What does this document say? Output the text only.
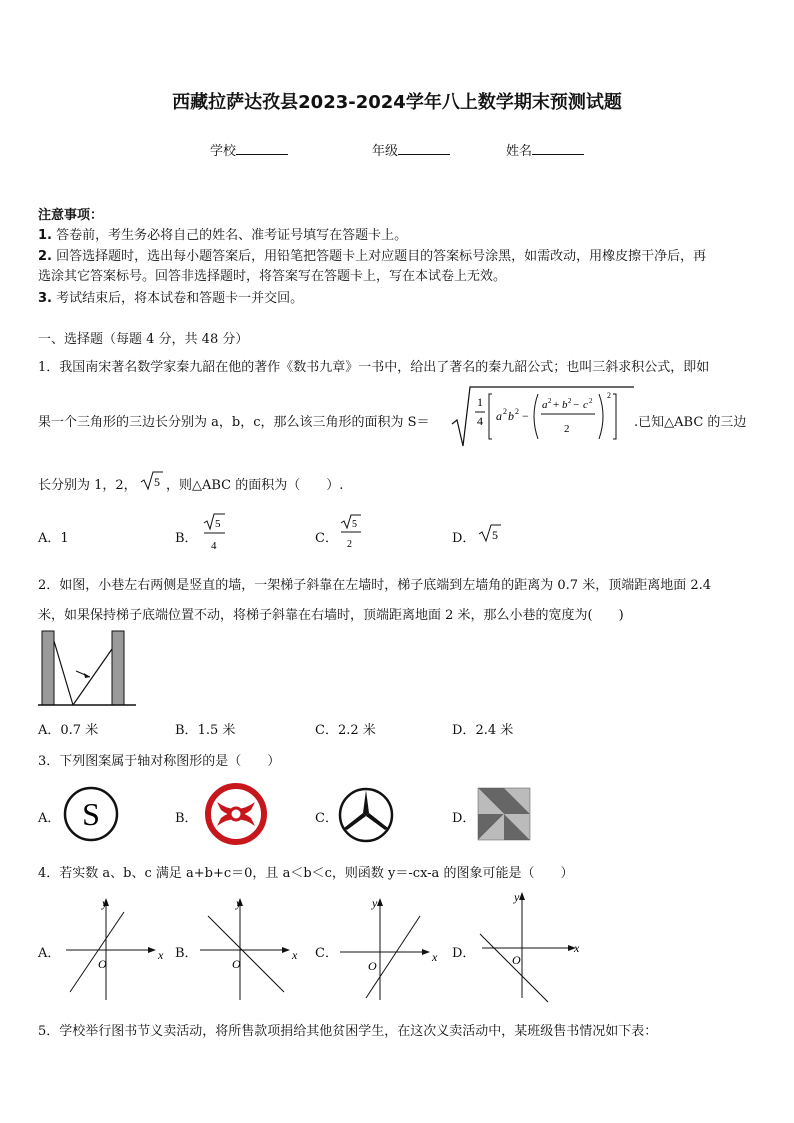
西藏拉萨达孜县2023-2024学年八上数学期末预测试题
学校	年级	姓名
注意事项：
1. 答卷前，考生务必将自己的姓名、准考证号填写在答题卡上。
2. 回答选择题时，选出每小题答案后，用铅笔把答题卡上对应题目的答案标号涂黑，如需改动，用橡皮擦干净后，再
选涂其它答案标号。回答非选择题时，将答案写在答题卡上，写在本试卷上无效。
3. 考试结束后，将本试卷和答题卡一并交回。
一、选择题（每题 4 分，共 48 分）
1．我国南宋著名数学家秦九韶在他的著作《数书九章》一书中，给出了著名的秦九韶公式；也叫三斜求积公式，即如
果一个三角形的三边长分别为 a，b，c，那么该三角形的面积为 S＝
1
4 a 2 b 2 −
a 2 + b 2 − c 2
2
2
.已知△ABC 的三边
长分别为 1，2， 5 ，则△ABC 的面积为（　　）.
A．1	B．
5
4	C．
5
2	D． 5
2．如图，小巷左右两侧是竖直的墙，一架梯子斜靠在左墙时，梯子底端到左墙角的距离为 0.7 米，顶端距离地面 2.4
米，如果保持梯子底端位置不动，将梯子斜靠在右墙时，顶端距离地面 2 米，那么小巷的宽度为(　　)
A．0.7 米	B．1.5 米	C．2.2 米	D．2.4 米
3．下列图案属于轴对称图形的是（　　）
A． S	B．	C．	D．
4．若实数 a、b、c 满足 a+b+c＝0，且 a＜b＜c，则函数 y＝-cx-a 的图象可能是（　　）
A．
y
x
O
B．
y
x
O
C．
y
x
O
D．
y
x
O
5．学校举行图书节义卖活动，将所售款项捐给其他贫困学生，在这次义卖活动中，某班级售书情况如下表：
